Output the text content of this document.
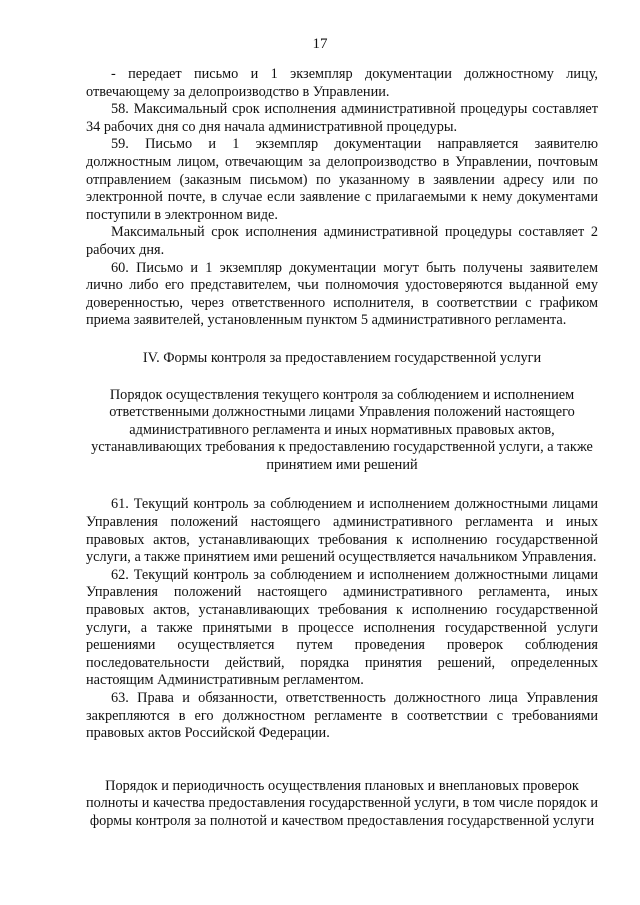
17

- передает письмо и 1 экземпляр документации должностному лицу, отвечающему за делопроизводство в Управлении.

58. Максимальный срок исполнения административной процедуры составляет 34 рабочих дня со дня начала административной процедуры.

59. Письмо и 1 экземпляр документации направляется заявителю должностным лицом, отвечающим за делопроизводство в Управлении, почтовым отправлением (заказным письмом) по указанному в заявлении адресу или по электронной почте, в случае если заявление с прилагаемыми к нему документами поступили в электронном виде.

Максимальный срок исполнения административной процедуры составляет 2 рабочих дня.

60. Письмо и 1 экземпляр документации могут быть получены заявителем лично либо его представителем, чьи полномочия удостоверяются выданной ему доверенностью, через ответственного исполнителя, в соответствии с графиком приема заявителей, установленным пунктом 5 административного регламента.

IV. Формы контроля за предоставлением государственной услуги

Порядок осуществления текущего контроля за соблюдением и исполнением ответственными должностными лицами Управления положений настоящего административного регламента и иных нормативных правовых актов, устанавливающих требования к предоставлению государственной услуги, а также принятием ими решений

61. Текущий контроль за соблюдением и исполнением должностными лицами Управления положений настоящего административного регламента и иных правовых актов, устанавливающих требования к исполнению государственной услуги, а также принятием ими решений осуществляется начальником Управления.

62. Текущий контроль за соблюдением и исполнением должностными лицами Управления положений настоящего административного регламента, иных правовых актов, устанавливающих требования к исполнению государственной услуги, а также принятыми в процессе исполнения государственной услуги решениями осуществляется путем проведения проверок соблюдения последовательности действий, порядка принятия решений, определенных настоящим Административным регламентом.

63. Права и обязанности, ответственность должностного лица Управления закрепляются в его должностном регламенте в соответствии с требованиями правовых актов Российской Федерации.

Порядок и периодичность осуществления плановых и внеплановых проверок полноты и качества предоставления государственной услуги, в том числе порядок и формы контроля за полнотой и качеством предоставления государственной услуги
